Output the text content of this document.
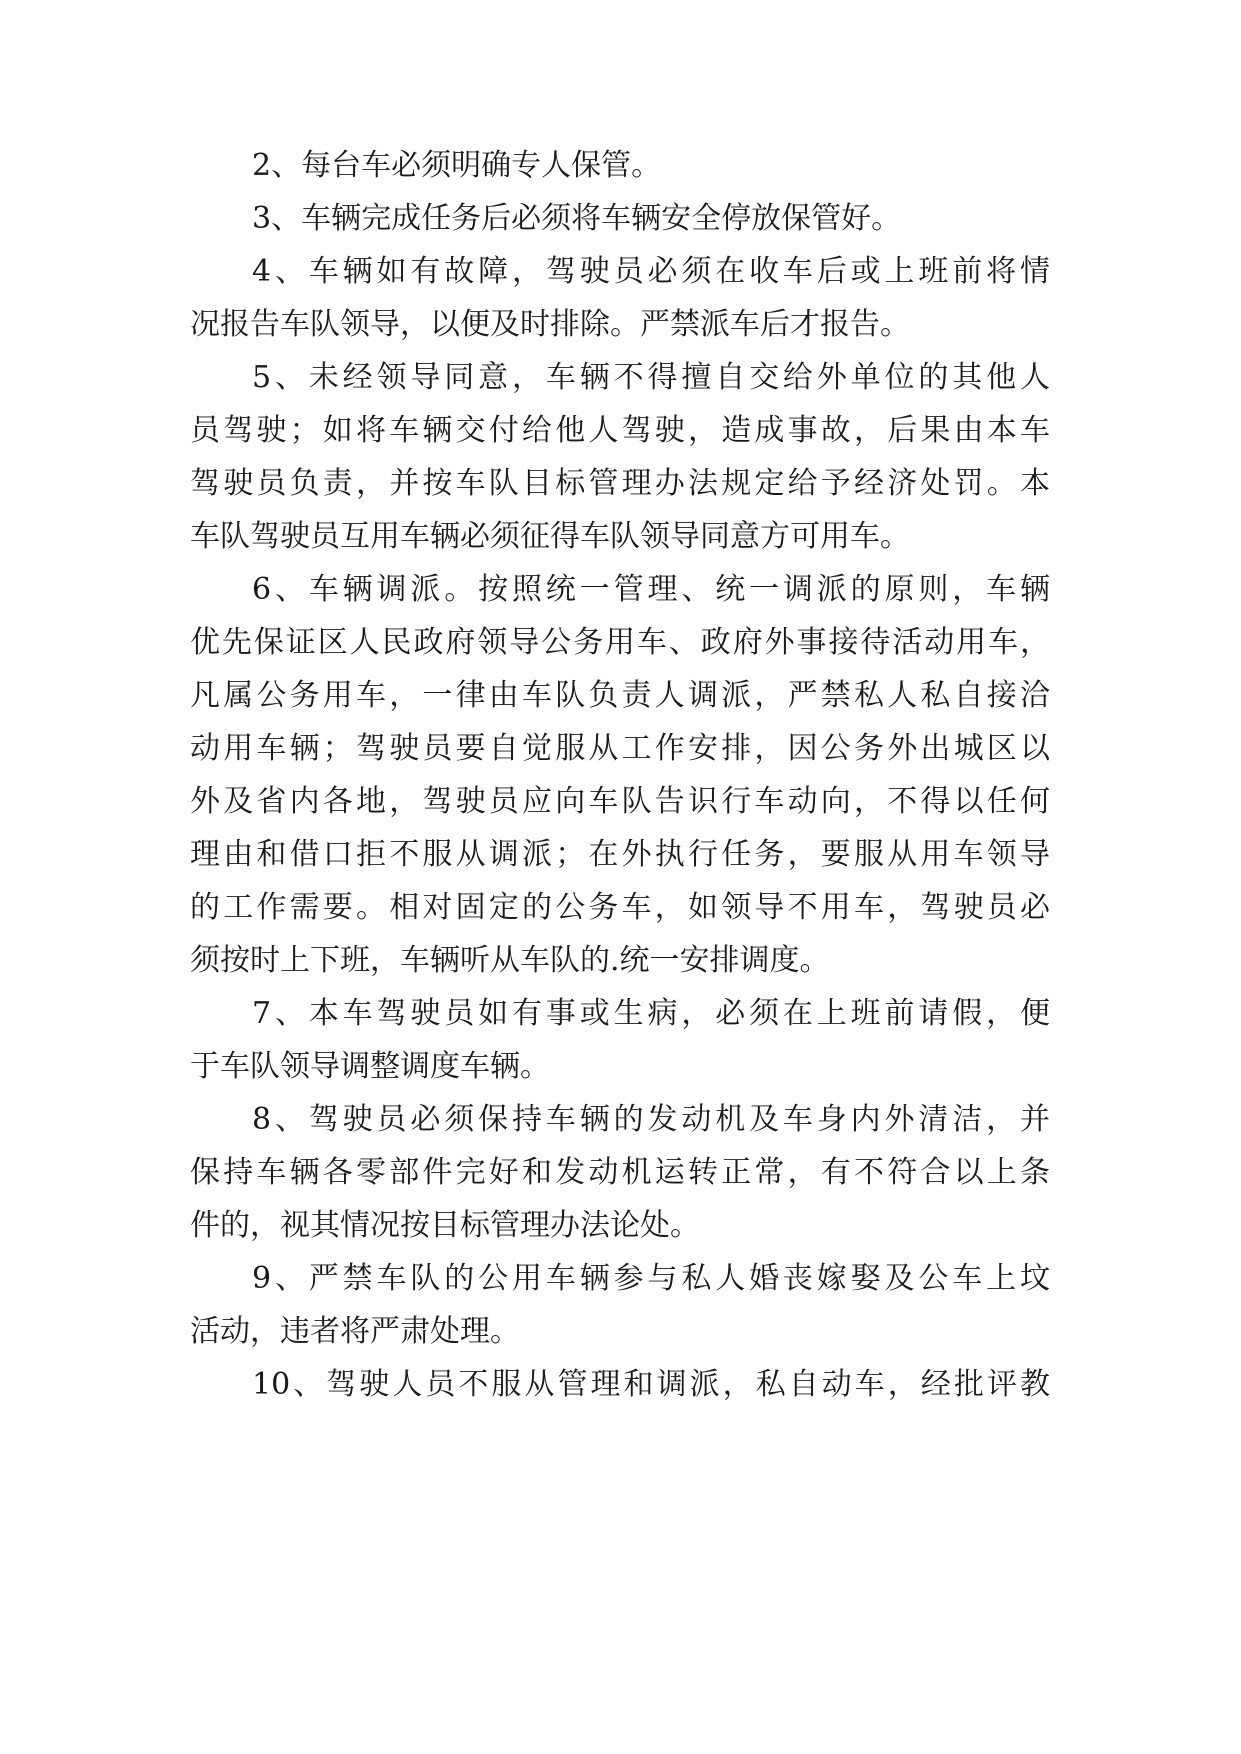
2、每台车必须明确专人保管。
3、车辆完成任务后必须将车辆安全停放保管好。
4、车辆如有故障，驾驶员必须在收车后或上班前将情
况报告车队领导，以便及时排除。严禁派车后才报告。
5、未经领导同意，车辆不得擅自交给外单位的其他人
员驾驶；如将车辆交付给他人驾驶，造成事故，后果由本车
驾驶员负责，并按车队目标管理办法规定给予经济处罚。本
车队驾驶员互用车辆必须征得车队领导同意方可用车。
6、车辆调派。按照统一管理、统一调派的原则，车辆
优先保证区人民政府领导公务用车、政府外事接待活动用车，
凡属公务用车，一律由车队负责人调派，严禁私人私自接洽
动用车辆；驾驶员要自觉服从工作安排，因公务外出城区以
外及省内各地，驾驶员应向车队告识行车动向，不得以任何
理由和借口拒不服从调派；在外执行任务，要服从用车领导
的工作需要。相对固定的公务车，如领导不用车，驾驶员必
须按时上下班，车辆听从车队的.统一安排调度。
7、本车驾驶员如有事或生病，必须在上班前请假，便
于车队领导调整调度车辆。
8、驾驶员必须保持车辆的发动机及车身内外清洁，并
保持车辆各零部件完好和发动机运转正常，有不符合以上条
件的，视其情况按目标管理办法论处。
9、严禁车队的公用车辆参与私人婚丧嫁娶及公车上坟
活动，违者将严肃处理。
10、驾驶人员不服从管理和调派，私自动车，经批评教
